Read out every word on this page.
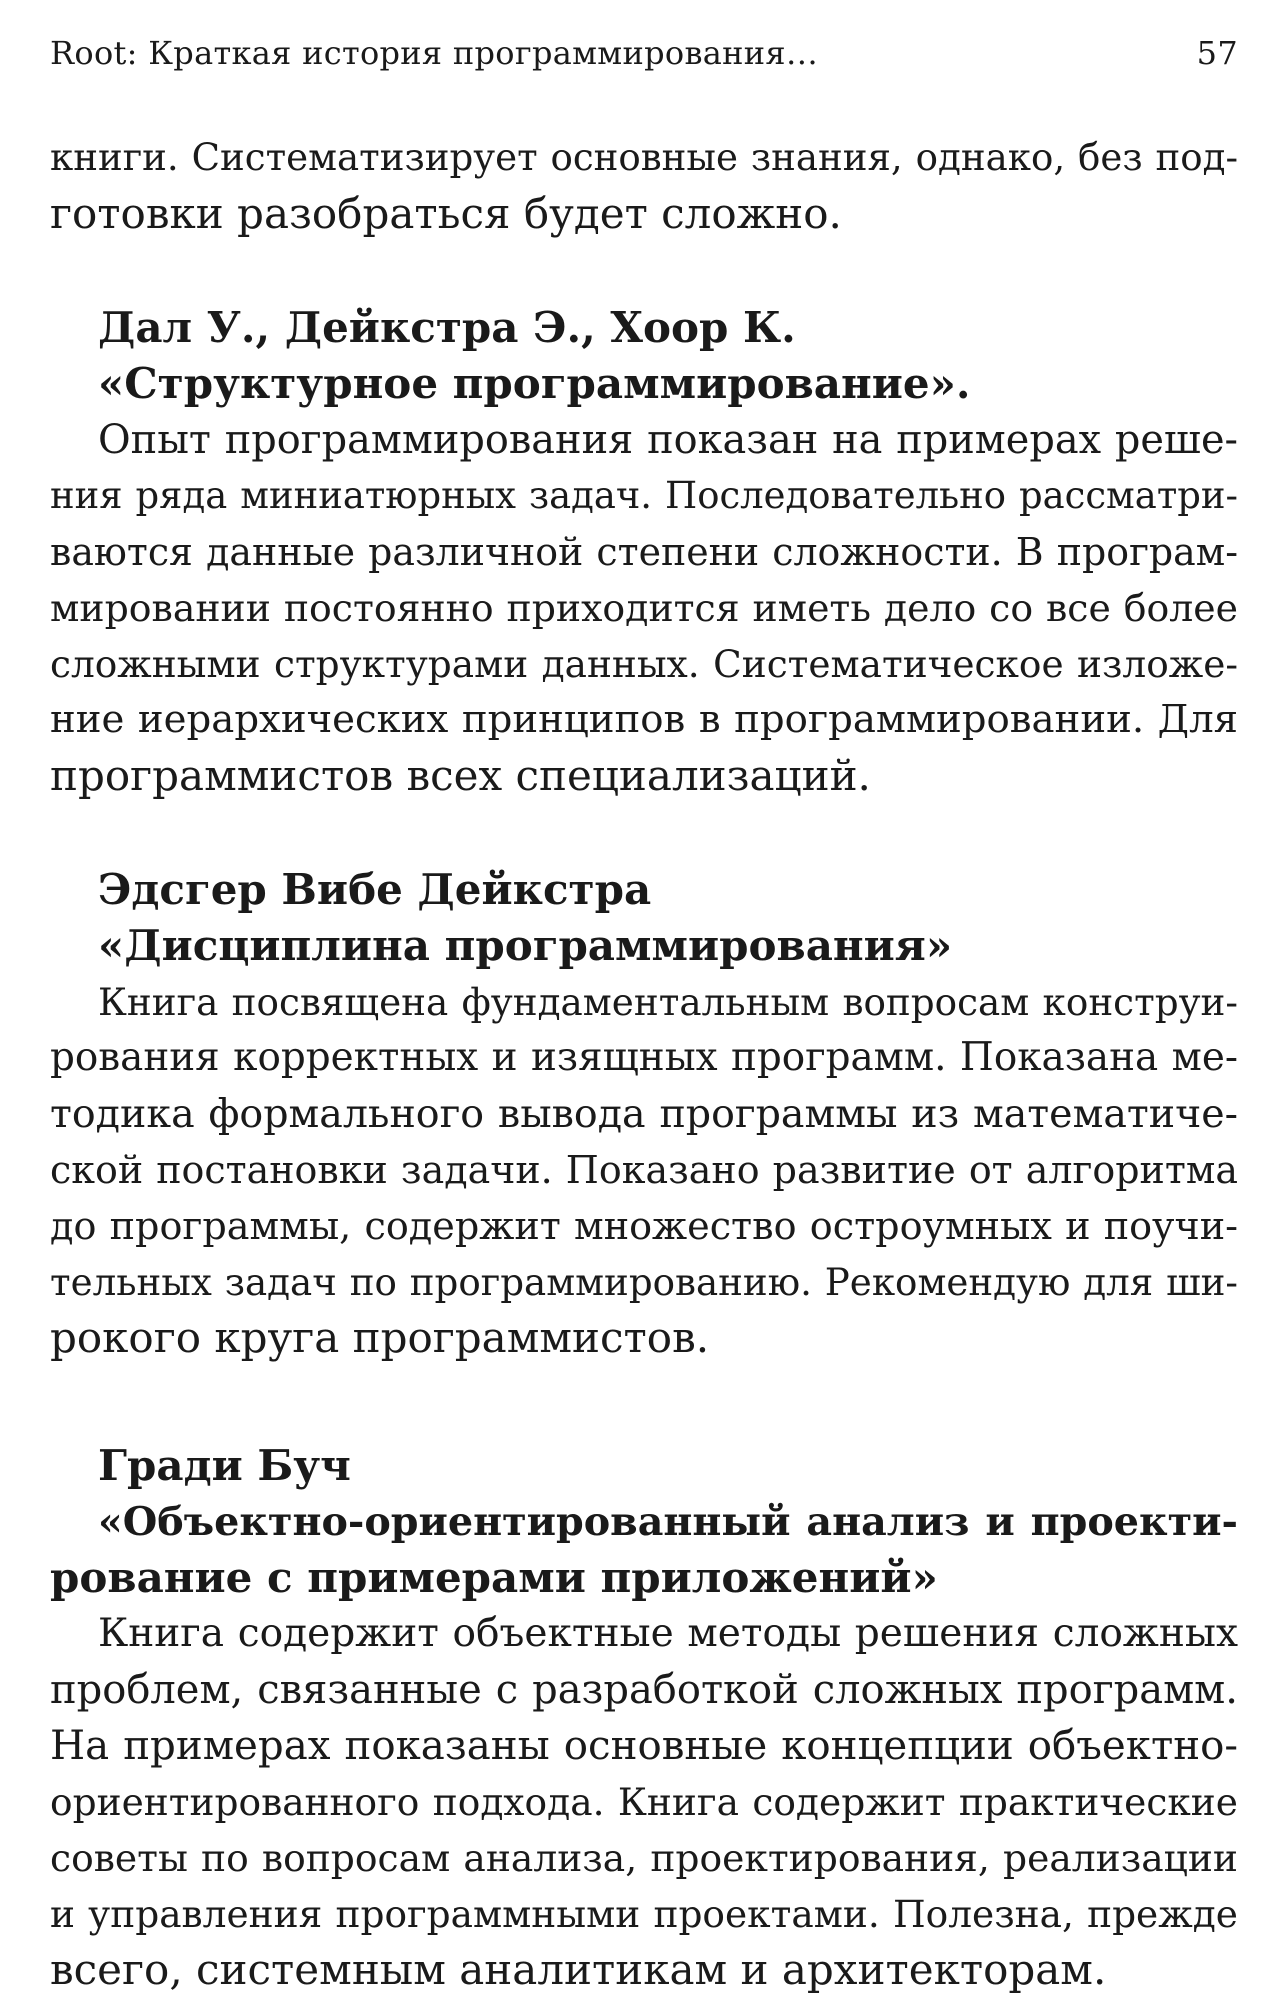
Root: Краткая история программирования…	57
книги. Систематизирует основные знания, однако, без под-
готовки разобраться будет сложно.
Дал У., Дейкстра Э., Хоор К.
«Структурное программирование».
Опыт программирования показан на примерах реше-
ния ряда миниатюрных задач. Последовательно рассматри-
ваются данные различной степени сложности. В програм-
мировании постоянно приходится иметь дело со все более
сложными структурами данных. Систематическое изложе-
ние иерархических принципов в программировании. Для
программистов всех специализаций.
Эдсгер Вибе Дейкстра
«Дисциплина программирования»
Книга посвящена фундаментальным вопросам конструи-
рования корректных и изящных программ. Показана ме-
тодика формального вывода программы из математиче-
ской постановки задачи. Показано развитие от алгоритма
до программы, содержит множество остроумных и поучи-
тельных задач по программированию. Рекомендую для ши-
рокого круга программистов.
Гради Буч
«Объектно-ориентированный анализ и проекти-
рование с примерами приложений»
Книга содержит объектные методы решения сложных
проблем, связанные с разработкой сложных программ.
На примерах показаны основные концепции объектно-
ориентированного подхода. Книга содержит практические
советы по вопросам анализа, проектирования, реализации
и управления программными проектами. Полезна, прежде
всего, системным аналитикам и архитекторам.
